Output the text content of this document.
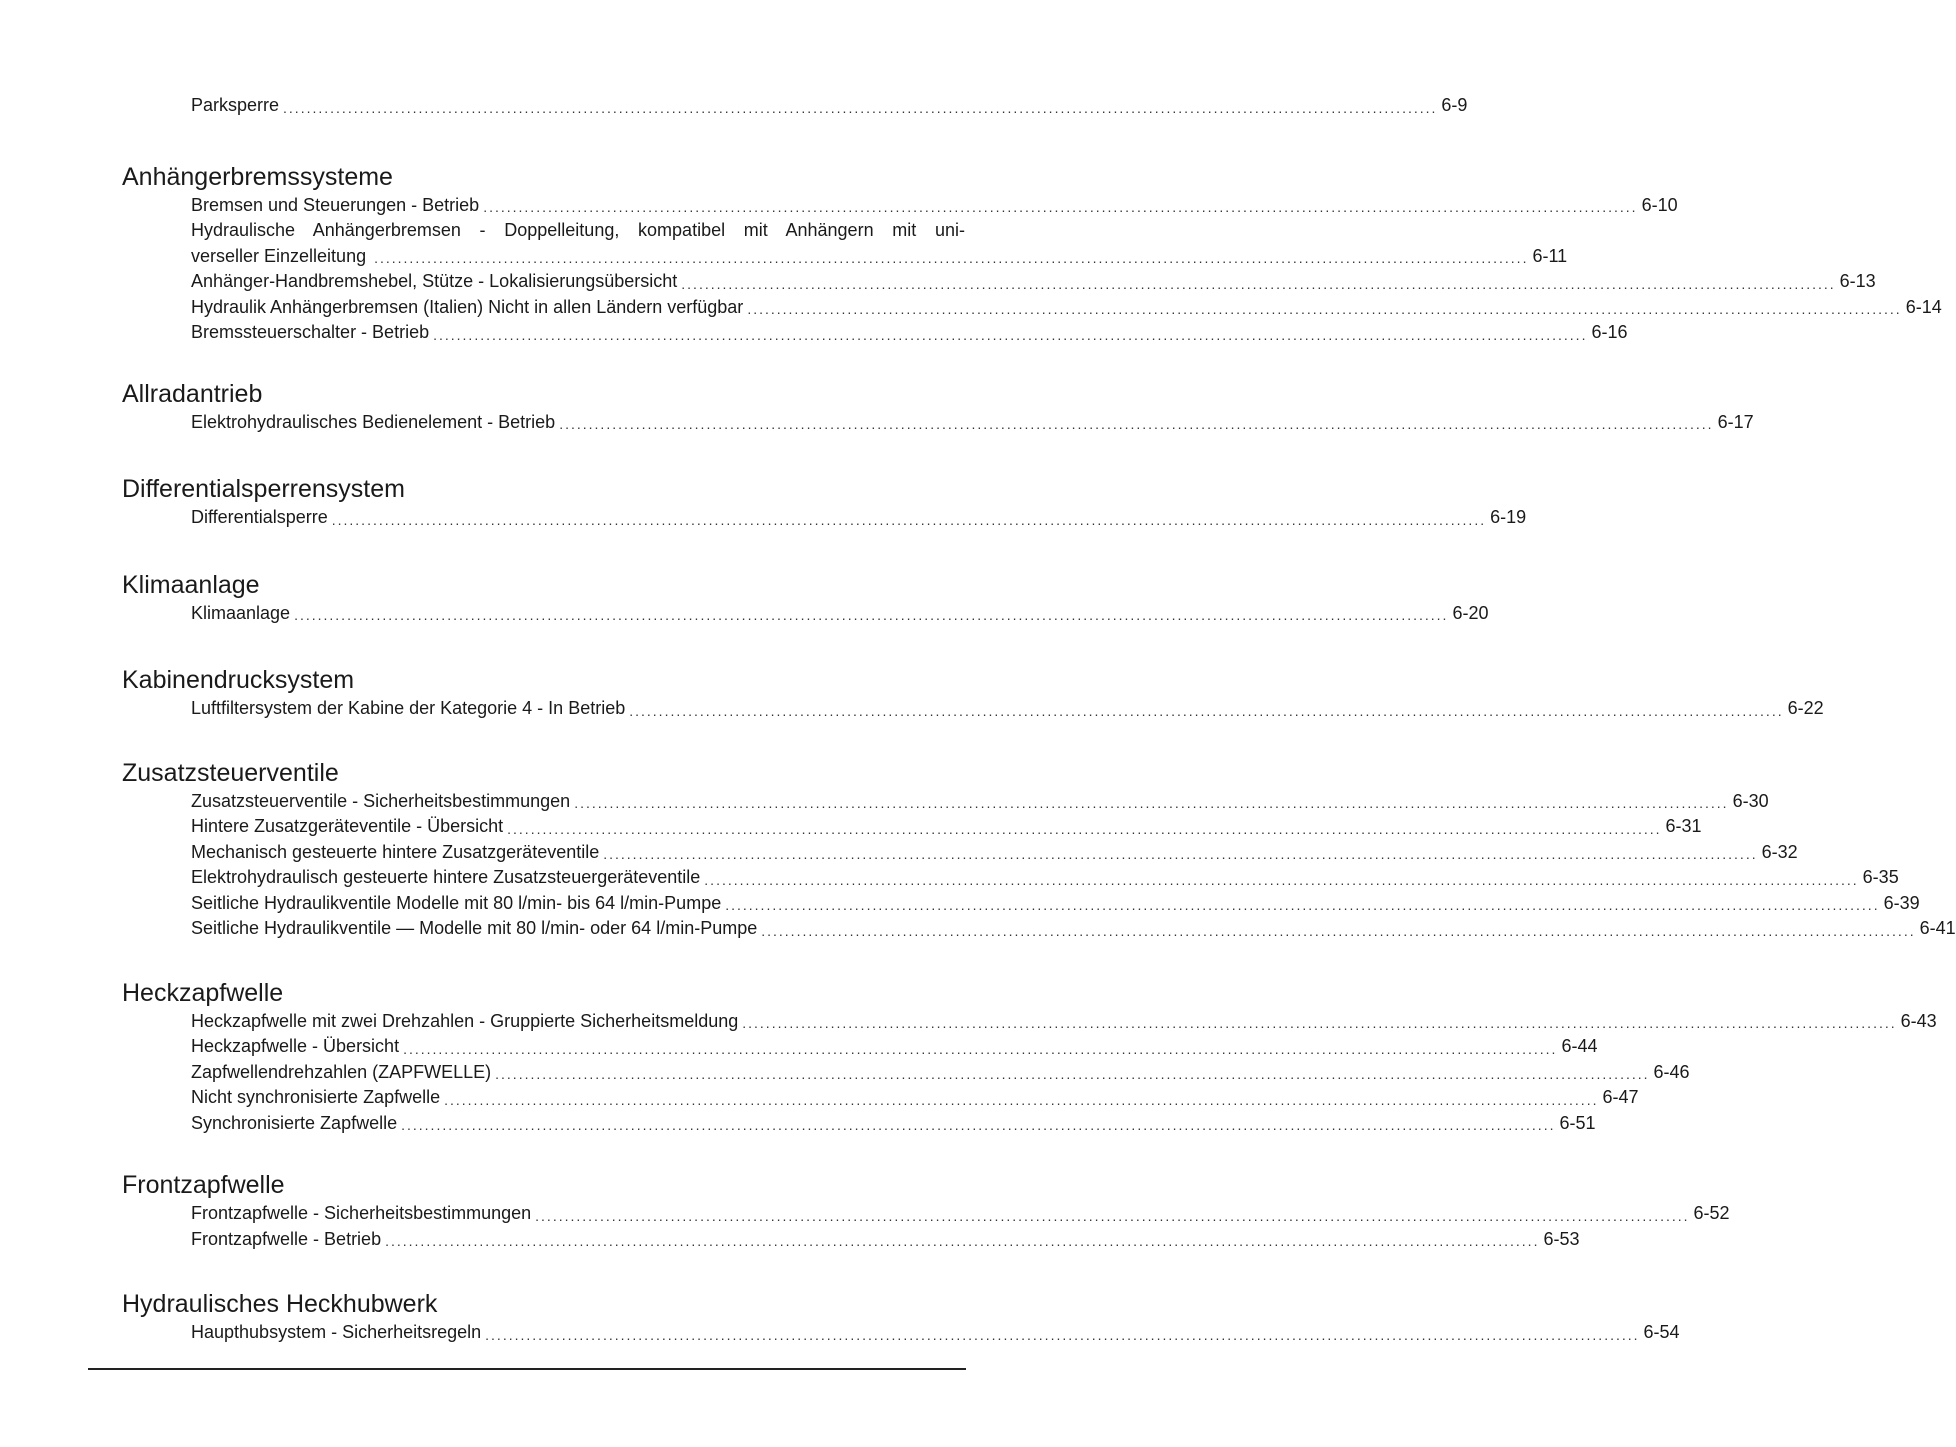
Parksperre .....	6-9
Anhängerbremssysteme
Bremsen und Steuerungen - Betrieb .....	6-10
Hydraulische Anhängerbremsen - Doppelleitung, kompatibel mit Anhängern mit uni-
verseller Einzelleitung .....	6-11
Anhänger-Handbremshebel, Stütze - Lokalisierungsübersicht .....	6-13
Hydraulik Anhängerbremsen (Italien) Nicht in allen Ländern verfügbar .....	6-14
Bremssteuerschalter - Betrieb .....	6-16
Allradantrieb
Elektrohydraulisches Bedienelement - Betrieb .....	6-17
Differentialsperrensystem
Differentialsperre .....	6-19
Klimaanlage
Klimaanlage .....	6-20
Kabinendrucksystem
Luftfiltersystem der Kabine der Kategorie 4 - In Betrieb .....	6-22
Zusatzsteuerventile
Zusatzsteuerventile - Sicherheitsbestimmungen .....	6-30
Hintere Zusatzgeräteventile - Übersicht .....	6-31
Mechanisch gesteuerte hintere Zusatzgeräteventile .....	6-32
Elektrohydraulisch gesteuerte hintere Zusatzsteuergeräteventile .....	6-35
Seitliche Hydraulikventile Modelle mit 80 l/min- bis 64 l/min-Pumpe .....	6-39
Seitliche Hydraulikventile — Modelle mit 80 l/min- oder 64 l/min-Pumpe .....	6-41
Heckzapfwelle
Heckzapfwelle mit zwei Drehzahlen - Gruppierte Sicherheitsmeldung .....	6-43
Heckzapfwelle - Übersicht .....	6-44
Zapfwellendrehzahlen (ZAPFWELLE) .....	6-46
Nicht synchronisierte Zapfwelle .....	6-47
Synchronisierte Zapfwelle .....	6-51
Frontzapfwelle
Frontzapfwelle - Sicherheitsbestimmungen .....	6-52
Frontzapfwelle - Betrieb .....	6-53
Hydraulisches Heckhubwerk
Haupthubsystem - Sicherheitsregeln .....	6-54
